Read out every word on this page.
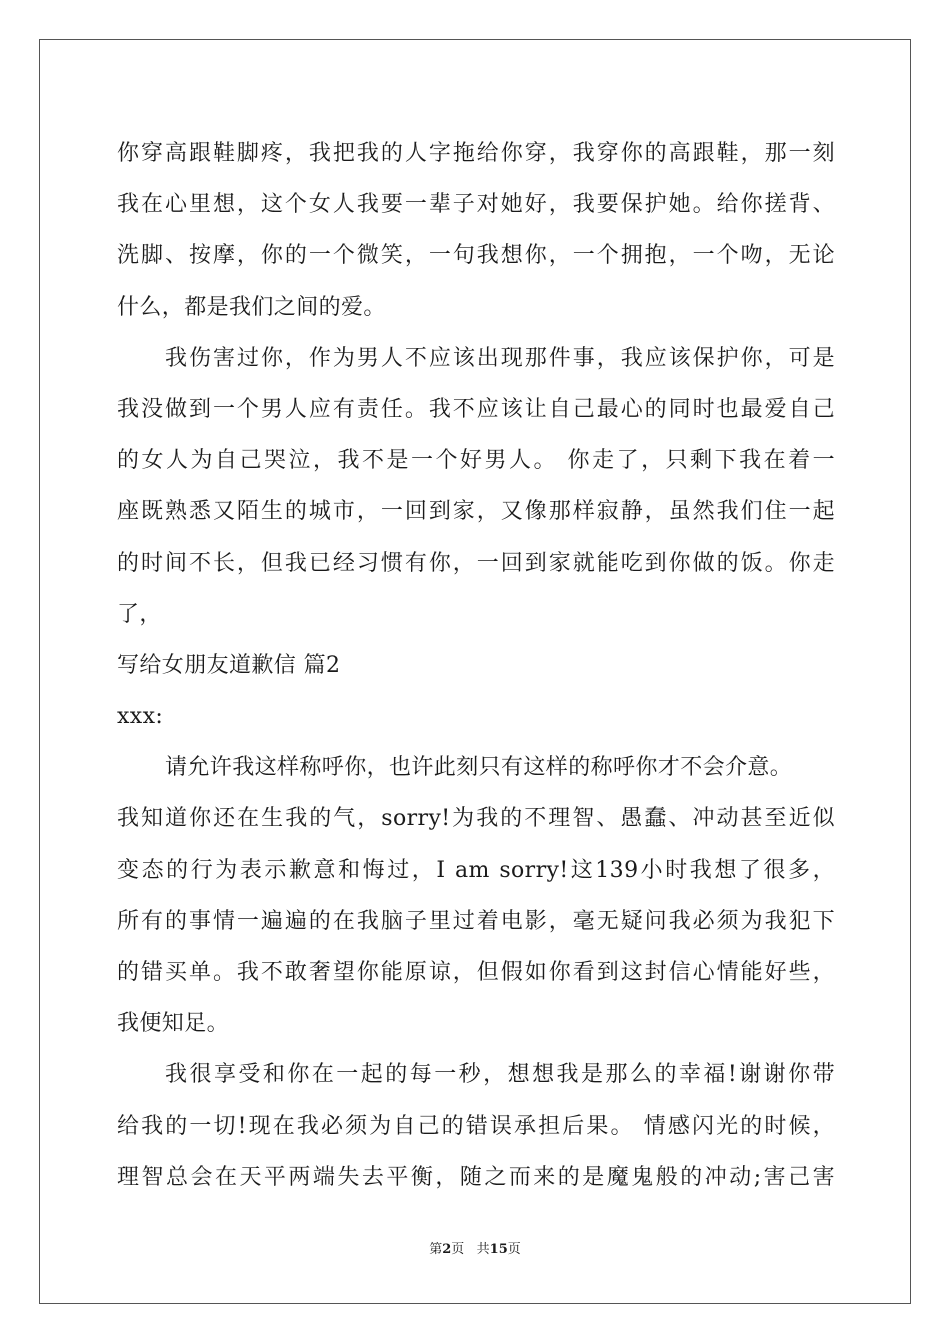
你穿高跟鞋脚疼，我把我的人字拖给你穿，我穿你的高跟鞋，那一刻
我在心里想，这个女人我要一辈子对她好，我要保护她。给你搓背、
洗脚、按摩，你的一个微笑，一句我想你，一个拥抱，一个吻，无论
什么，都是我们之间的爱。
我伤害过你，作为男人不应该出现那件事，我应该保护你，可是
我没做到一个男人应有责任。我不应该让自己最心的同时也最爱自己
的女人为自己哭泣，我不是一个好男人。 你走了，只剩下我在着一
座既熟悉又陌生的城市，一回到家，又像那样寂静，虽然我们住一起
的时间不长，但我已经习惯有你，一回到家就能吃到你做的饭。你走
了，
写给女朋友道歉信 篇2
xxx:
请允许我这样称呼你，也许此刻只有这样的称呼你才不会介意。
我知道你还在生我的气，sorry!为我的不理智、愚蠢、冲动甚至近似
变态的行为表示歉意和悔过，I am sorry!这139小时我想了很多，
所有的事情一遍遍的在我脑子里过着电影，毫无疑问我必须为我犯下
的错买单。我不敢奢望你能原谅，但假如你看到这封信心情能好些，
我便知足。
我很享受和你在一起的每一秒，想想我是那么的幸福!谢谢你带
给我的一切!现在我必须为自己的错误承担后果。 情感闪光的时候，
理智总会在天平两端失去平衡，随之而来的是魔鬼般的冲动;害己害
第2页   共15页
